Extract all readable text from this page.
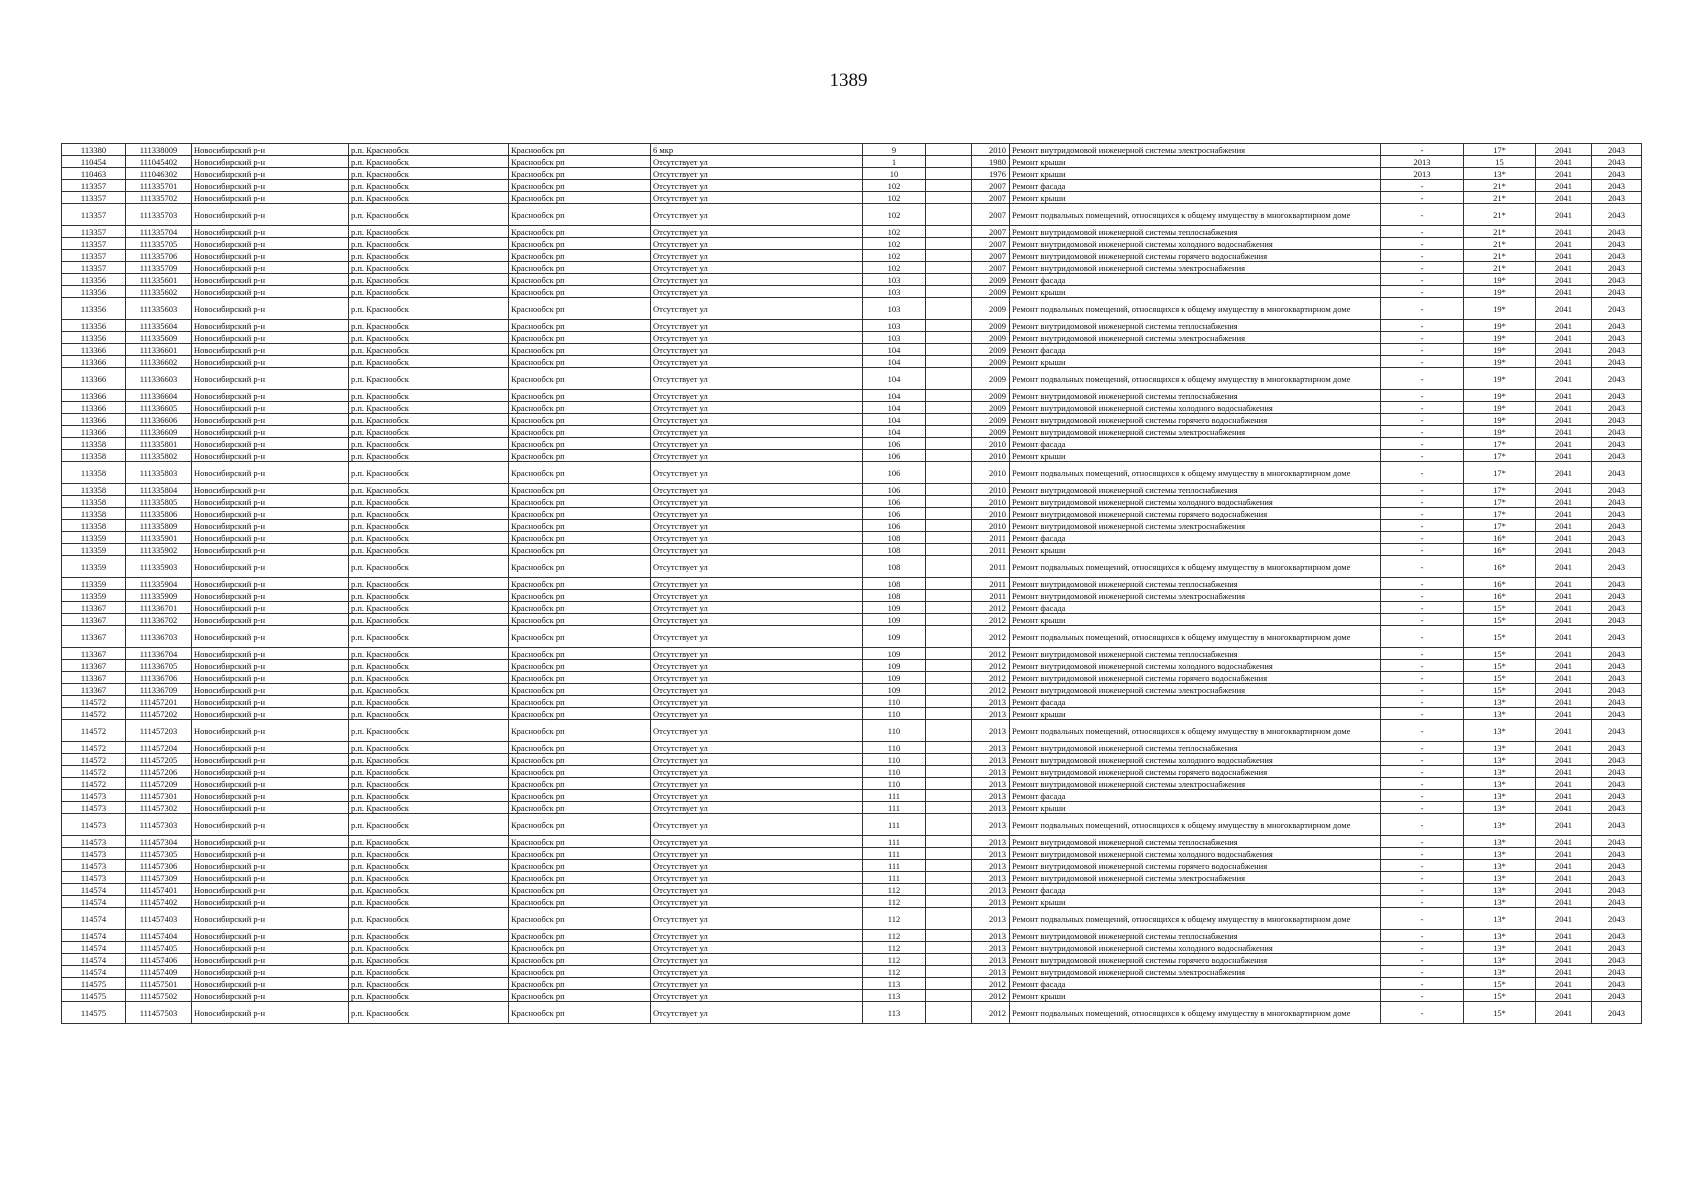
1389
113380	111338009	Новосибирский р-н	р.п. Краснообск	Краснообск рп	6 мкр	9		2010	Ремонт внутридомовой инженерной системы электроснабжения	-	17*	2041	2043
110454	111045402	Новосибирский р-н	р.п. Краснообск	Краснообск рп	Отсутствует ул	1		1980	Ремонт крыши	2013	15	2041	2043
110463	111046302	Новосибирский р-н	р.п. Краснообск	Краснообск рп	Отсутствует ул	10		1976	Ремонт крыши	2013	13*	2041	2043
113357	111335701	Новосибирский р-н	р.п. Краснообск	Краснообск рп	Отсутствует ул	102		2007	Ремонт фасада	-	21*	2041	2043
113357	111335702	Новосибирский р-н	р.п. Краснообск	Краснообск рп	Отсутствует ул	102		2007	Ремонт крыши	-	21*	2041	2043
113357	111335703	Новосибирский р-н	р.п. Краснообск	Краснообск рп	Отсутствует ул	102		2007	Ремонт подвальных помещений, относящихся к общему имуществу в многоквартирном доме	-	21*	2041	2043
113357	111335704	Новосибирский р-н	р.п. Краснообск	Краснообск рп	Отсутствует ул	102		2007	Ремонт внутридомовой инженерной системы теплоснабжения	-	21*	2041	2043
113357	111335705	Новосибирский р-н	р.п. Краснообск	Краснообск рп	Отсутствует ул	102		2007	Ремонт внутридомовой инженерной системы холодного водоснабжения	-	21*	2041	2043
113357	111335706	Новосибирский р-н	р.п. Краснообск	Краснообск рп	Отсутствует ул	102		2007	Ремонт внутридомовой инженерной системы горячего водоснабжения	-	21*	2041	2043
113357	111335709	Новосибирский р-н	р.п. Краснообск	Краснообск рп	Отсутствует ул	102		2007	Ремонт внутридомовой инженерной системы электроснабжения	-	21*	2041	2043
113356	111335601	Новосибирский р-н	р.п. Краснообск	Краснообск рп	Отсутствует ул	103		2009	Ремонт фасада	-	19*	2041	2043
113356	111335602	Новосибирский р-н	р.п. Краснообск	Краснообск рп	Отсутствует ул	103		2009	Ремонт крыши	-	19*	2041	2043
113356	111335603	Новосибирский р-н	р.п. Краснообск	Краснообск рп	Отсутствует ул	103		2009	Ремонт подвальных помещений, относящихся к общему имуществу в многоквартирном доме	-	19*	2041	2043
113356	111335604	Новосибирский р-н	р.п. Краснообск	Краснообск рп	Отсутствует ул	103		2009	Ремонт внутридомовой инженерной системы теплоснабжения	-	19*	2041	2043
113356	111335609	Новосибирский р-н	р.п. Краснообск	Краснообск рп	Отсутствует ул	103		2009	Ремонт внутридомовой инженерной системы электроснабжения	-	19*	2041	2043
113366	111336601	Новосибирский р-н	р.п. Краснообск	Краснообск рп	Отсутствует ул	104		2009	Ремонт фасада	-	19*	2041	2043
113366	111336602	Новосибирский р-н	р.п. Краснообск	Краснообск рп	Отсутствует ул	104		2009	Ремонт крыши	-	19*	2041	2043
113366	111336603	Новосибирский р-н	р.п. Краснообск	Краснообск рп	Отсутствует ул	104		2009	Ремонт подвальных помещений, относящихся к общему имуществу в многоквартирном доме	-	19*	2041	2043
113366	111336604	Новосибирский р-н	р.п. Краснообск	Краснообск рп	Отсутствует ул	104		2009	Ремонт внутридомовой инженерной системы теплоснабжения	-	19*	2041	2043
113366	111336605	Новосибирский р-н	р.п. Краснообск	Краснообск рп	Отсутствует ул	104		2009	Ремонт внутридомовой инженерной системы холодного водоснабжения	-	19*	2041	2043
113366	111336606	Новосибирский р-н	р.п. Краснообск	Краснообск рп	Отсутствует ул	104		2009	Ремонт внутридомовой инженерной системы горячего водоснабжения	-	19*	2041	2043
113366	111336609	Новосибирский р-н	р.п. Краснообск	Краснообск рп	Отсутствует ул	104		2009	Ремонт внутридомовой инженерной системы электроснабжения	-	19*	2041	2043
113358	111335801	Новосибирский р-н	р.п. Краснообск	Краснообск рп	Отсутствует ул	106		2010	Ремонт фасада	-	17*	2041	2043
113358	111335802	Новосибирский р-н	р.п. Краснообск	Краснообск рп	Отсутствует ул	106		2010	Ремонт крыши	-	17*	2041	2043
113358	111335803	Новосибирский р-н	р.п. Краснообск	Краснообск рп	Отсутствует ул	106		2010	Ремонт подвальных помещений, относящихся к общему имуществу в многоквартирном доме	-	17*	2041	2043
113358	111335804	Новосибирский р-н	р.п. Краснообск	Краснообск рп	Отсутствует ул	106		2010	Ремонт внутридомовой инженерной системы теплоснабжения	-	17*	2041	2043
113358	111335805	Новосибирский р-н	р.п. Краснообск	Краснообск рп	Отсутствует ул	106		2010	Ремонт внутридомовой инженерной системы холодного водоснабжения	-	17*	2041	2043
113358	111335806	Новосибирский р-н	р.п. Краснообск	Краснообск рп	Отсутствует ул	106		2010	Ремонт внутридомовой инженерной системы горячего водоснабжения	-	17*	2041	2043
113358	111335809	Новосибирский р-н	р.п. Краснообск	Краснообск рп	Отсутствует ул	106		2010	Ремонт внутридомовой инженерной системы электроснабжения	-	17*	2041	2043
113359	111335901	Новосибирский р-н	р.п. Краснообск	Краснообск рп	Отсутствует ул	108		2011	Ремонт фасада	-	16*	2041	2043
113359	111335902	Новосибирский р-н	р.п. Краснообск	Краснообск рп	Отсутствует ул	108		2011	Ремонт крыши	-	16*	2041	2043
113359	111335903	Новосибирский р-н	р.п. Краснообск	Краснообск рп	Отсутствует ул	108		2011	Ремонт подвальных помещений, относящихся к общему имуществу в многоквартирном доме	-	16*	2041	2043
113359	111335904	Новосибирский р-н	р.п. Краснообск	Краснообск рп	Отсутствует ул	108		2011	Ремонт внутридомовой инженерной системы теплоснабжения	-	16*	2041	2043
113359	111335909	Новосибирский р-н	р.п. Краснообск	Краснообск рп	Отсутствует ул	108		2011	Ремонт внутридомовой инженерной системы электроснабжения	-	16*	2041	2043
113367	111336701	Новосибирский р-н	р.п. Краснообск	Краснообск рп	Отсутствует ул	109		2012	Ремонт фасада	-	15*	2041	2043
113367	111336702	Новосибирский р-н	р.п. Краснообск	Краснообск рп	Отсутствует ул	109		2012	Ремонт крыши	-	15*	2041	2043
113367	111336703	Новосибирский р-н	р.п. Краснообск	Краснообск рп	Отсутствует ул	109		2012	Ремонт подвальных помещений, относящихся к общему имуществу в многоквартирном доме	-	15*	2041	2043
113367	111336704	Новосибирский р-н	р.п. Краснообск	Краснообск рп	Отсутствует ул	109		2012	Ремонт внутридомовой инженерной системы теплоснабжения	-	15*	2041	2043
113367	111336705	Новосибирский р-н	р.п. Краснообск	Краснообск рп	Отсутствует ул	109		2012	Ремонт внутридомовой инженерной системы холодного водоснабжения	-	15*	2041	2043
113367	111336706	Новосибирский р-н	р.п. Краснообск	Краснообск рп	Отсутствует ул	109		2012	Ремонт внутридомовой инженерной системы горячего водоснабжения	-	15*	2041	2043
113367	111336709	Новосибирский р-н	р.п. Краснообск	Краснообск рп	Отсутствует ул	109		2012	Ремонт внутридомовой инженерной системы электроснабжения	-	15*	2041	2043
114572	111457201	Новосибирский р-н	р.п. Краснообск	Краснообск рп	Отсутствует ул	110		2013	Ремонт фасада	-	13*	2041	2043
114572	111457202	Новосибирский р-н	р.п. Краснообск	Краснообск рп	Отсутствует ул	110		2013	Ремонт крыши	-	13*	2041	2043
114572	111457203	Новосибирский р-н	р.п. Краснообск	Краснообск рп	Отсутствует ул	110		2013	Ремонт подвальных помещений, относящихся к общему имуществу в многоквартирном доме	-	13*	2041	2043
114572	111457204	Новосибирский р-н	р.п. Краснообск	Краснообск рп	Отсутствует ул	110		2013	Ремонт внутридомовой инженерной системы теплоснабжения	-	13*	2041	2043
114572	111457205	Новосибирский р-н	р.п. Краснообск	Краснообск рп	Отсутствует ул	110		2013	Ремонт внутридомовой инженерной системы холодного водоснабжения	-	13*	2041	2043
114572	111457206	Новосибирский р-н	р.п. Краснообск	Краснообск рп	Отсутствует ул	110		2013	Ремонт внутридомовой инженерной системы горячего водоснабжения	-	13*	2041	2043
114572	111457209	Новосибирский р-н	р.п. Краснообск	Краснообск рп	Отсутствует ул	110		2013	Ремонт внутридомовой инженерной системы электроснабжения	-	13*	2041	2043
114573	111457301	Новосибирский р-н	р.п. Краснообск	Краснообск рп	Отсутствует ул	111		2013	Ремонт фасада	-	13*	2041	2043
114573	111457302	Новосибирский р-н	р.п. Краснообск	Краснообск рп	Отсутствует ул	111		2013	Ремонт крыши	-	13*	2041	2043
114573	111457303	Новосибирский р-н	р.п. Краснообск	Краснообск рп	Отсутствует ул	111		2013	Ремонт подвальных помещений, относящихся к общему имуществу в многоквартирном доме	-	13*	2041	2043
114573	111457304	Новосибирский р-н	р.п. Краснообск	Краснообск рп	Отсутствует ул	111		2013	Ремонт внутридомовой инженерной системы теплоснабжения	-	13*	2041	2043
114573	111457305	Новосибирский р-н	р.п. Краснообск	Краснообск рп	Отсутствует ул	111		2013	Ремонт внутридомовой инженерной системы холодного водоснабжения	-	13*	2041	2043
114573	111457306	Новосибирский р-н	р.п. Краснообск	Краснообск рп	Отсутствует ул	111		2013	Ремонт внутридомовой инженерной системы горячего водоснабжения	-	13*	2041	2043
114573	111457309	Новосибирский р-н	р.п. Краснообск	Краснообск рп	Отсутствует ул	111		2013	Ремонт внутридомовой инженерной системы электроснабжения	-	13*	2041	2043
114574	111457401	Новосибирский р-н	р.п. Краснообск	Краснообск рп	Отсутствует ул	112		2013	Ремонт фасада	-	13*	2041	2043
114574	111457402	Новосибирский р-н	р.п. Краснообск	Краснообск рп	Отсутствует ул	112		2013	Ремонт крыши	-	13*	2041	2043
114574	111457403	Новосибирский р-н	р.п. Краснообск	Краснообск рп	Отсутствует ул	112		2013	Ремонт подвальных помещений, относящихся к общему имуществу в многоквартирном доме	-	13*	2041	2043
114574	111457404	Новосибирский р-н	р.п. Краснообск	Краснообск рп	Отсутствует ул	112		2013	Ремонт внутридомовой инженерной системы теплоснабжения	-	13*	2041	2043
114574	111457405	Новосибирский р-н	р.п. Краснообск	Краснообск рп	Отсутствует ул	112		2013	Ремонт внутридомовой инженерной системы холодного водоснабжения	-	13*	2041	2043
114574	111457406	Новосибирский р-н	р.п. Краснообск	Краснообск рп	Отсутствует ул	112		2013	Ремонт внутридомовой инженерной системы горячего водоснабжения	-	13*	2041	2043
114574	111457409	Новосибирский р-н	р.п. Краснообск	Краснообск рп	Отсутствует ул	112		2013	Ремонт внутридомовой инженерной системы электроснабжения	-	13*	2041	2043
114575	111457501	Новосибирский р-н	р.п. Краснообск	Краснообск рп	Отсутствует ул	113		2012	Ремонт фасада	-	15*	2041	2043
114575	111457502	Новосибирский р-н	р.п. Краснообск	Краснообск рп	Отсутствует ул	113		2012	Ремонт крыши	-	15*	2041	2043
114575	111457503	Новосибирский р-н	р.п. Краснообск	Краснообск рп	Отсутствует ул	113		2012	Ремонт подвальных помещений, относящихся к общему имуществу в многоквартирном доме	-	15*	2041	2043
